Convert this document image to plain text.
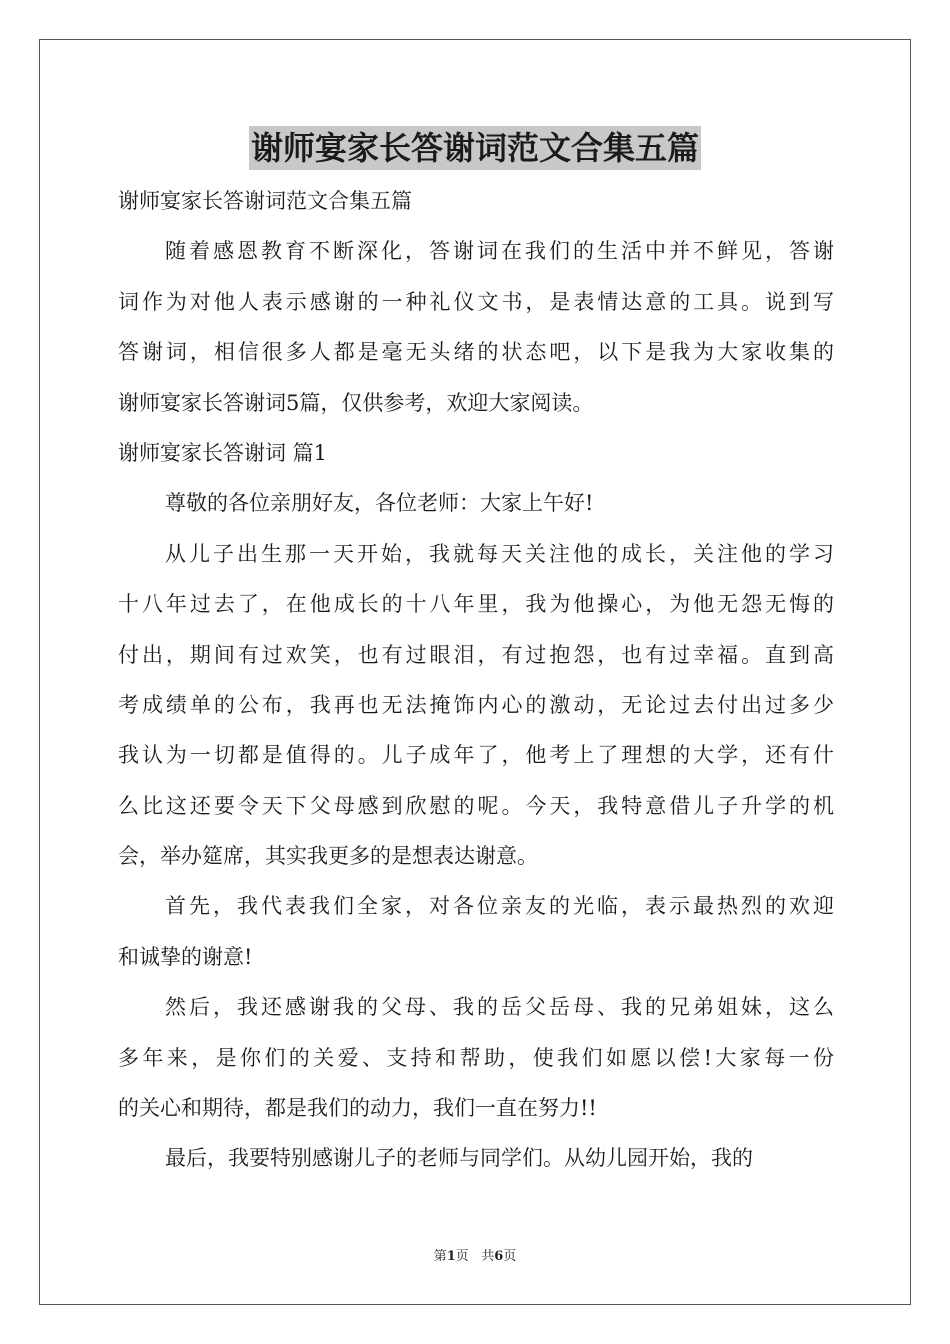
谢师宴家长答谢词范文合集五篇
谢师宴家长答谢词范文合集五篇
随着感恩教育不断深化，答谢词在我们的生活中并不鲜见，答谢
词作为对他人表示感谢的一种礼仪文书，是表情达意的工具。说到写
答谢词，相信很多人都是毫无头绪的状态吧，以下是我为大家收集的
谢师宴家长答谢词5篇，仅供参考，欢迎大家阅读。
谢师宴家长答谢词 篇1
尊敬的各位亲朋好友，各位老师：大家上午好!
从儿子出生那一天开始，我就每天关注他的成长，关注他的学习
十八年过去了，在他成长的十八年里，我为他操心，为他无怨无悔的
付出，期间有过欢笑，也有过眼泪，有过抱怨，也有过幸福。直到高
考成绩单的公布，我再也无法掩饰内心的激动，无论过去付出过多少
我认为一切都是值得的。儿子成年了，他考上了理想的大学，还有什
么比这还要令天下父母感到欣慰的呢。今天，我特意借儿子升学的机
会，举办筵席，其实我更多的是想表达谢意。
首先，我代表我们全家，对各位亲友的光临，表示最热烈的欢迎
和诚挚的谢意!
然后，我还感谢我的父母、我的岳父岳母、我的兄弟姐妹，这么
多年来，是你们的关爱、支持和帮助，使我们如愿以偿!大家每一份
的关心和期待，都是我们的动力，我们一直在努力!!
最后，我要特别感谢儿子的老师与同学们。从幼儿园开始，我的
第1页 共6页
